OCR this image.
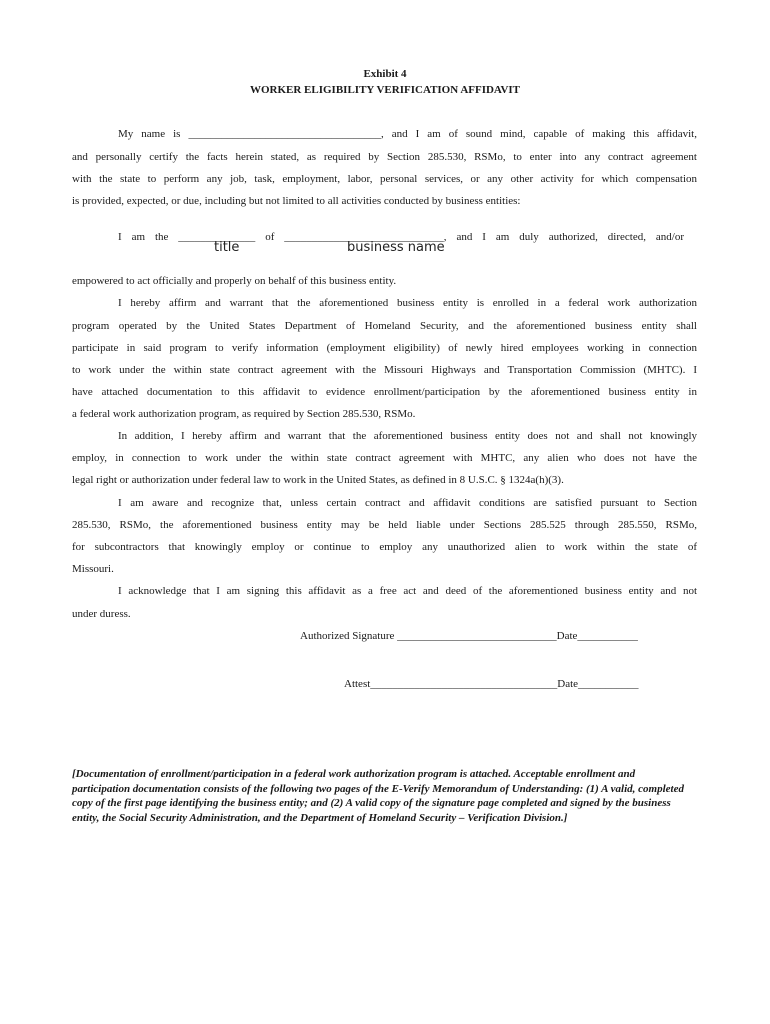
Exhibit 4
WORKER ELIGIBILITY VERIFICATION AFFIDAVIT
My name is ___________________________________, and I am of sound mind, capable of making this affidavit,
and personally certify the facts herein stated, as required by Section 285.530, RSMo, to enter into any contract agreement
with the state to perform any job, task, employment, labor, personal services, or any other activity for which compensation
is provided, expected, or due, including but not limited to all activities conducted by business entities:
I am the ______________ of _____________________________, and I am duly authorized, directed, and/or
title	business name
empowered to act officially and properly on behalf of this business entity.
I hereby affirm and warrant that the aforementioned business entity is enrolled in a federal work authorization
program operated by the United States Department of Homeland Security, and the aforementioned business entity shall
participate in said program to verify information (employment eligibility) of newly hired employees working in connection
to work under the within state contract agreement with the Missouri Highways and Transportation Commission (MHTC). I
have attached documentation to this affidavit to evidence enrollment/participation by the aforementioned business entity in
a federal work authorization program, as required by Section 285.530, RSMo.
In addition, I hereby affirm and warrant that the aforementioned business entity does not and shall not knowingly
employ, in connection to work under the within state contract agreement with MHTC, any alien who does not have the
legal right or authorization under federal law to work in the United States, as defined in 8 U.S.C. § 1324a(h)(3).
I am aware and recognize that, unless certain contract and affidavit conditions are satisfied pursuant to Section
285.530, RSMo, the aforementioned business entity may be held liable under Sections 285.525 through 285.550, RSMo,
for subcontractors that knowingly employ or continue to employ any unauthorized alien to work within the state of
Missouri.
I acknowledge that I am signing this affidavit as a free act and deed of the aforementioned business entity and not
under duress.
Authorized Signature _____________________________Date___________
Attest__________________________________Date___________
[Documentation of enrollment/participation in a federal work authorization program is attached. Acceptable enrollment and participation documentation consists of the following two pages of the E-Verify Memorandum of Understanding: (1) A valid, completed copy of the first page identifying the business entity; and (2) A valid copy of the signature page completed and signed by the business entity, the Social Security Administration, and the Department of Homeland Security – Verification Division.]
